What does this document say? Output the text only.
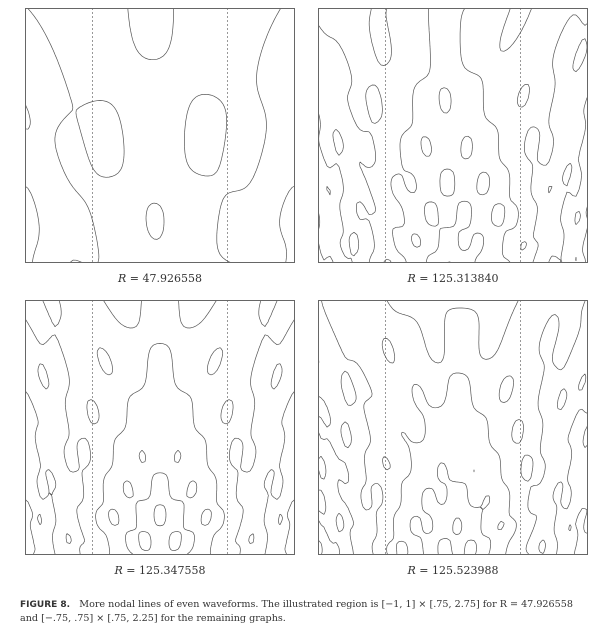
R = 47.926558	R = 125.313840
R = 125.347558	R = 125.523988
FIGURE 8. More nodal lines of even waveforms. The illustrated region is [−1, 1] × [.75, 2.75] for R = 47.926558 and [−.75, .75] × [.75, 2.25] for the remaining graphs.
